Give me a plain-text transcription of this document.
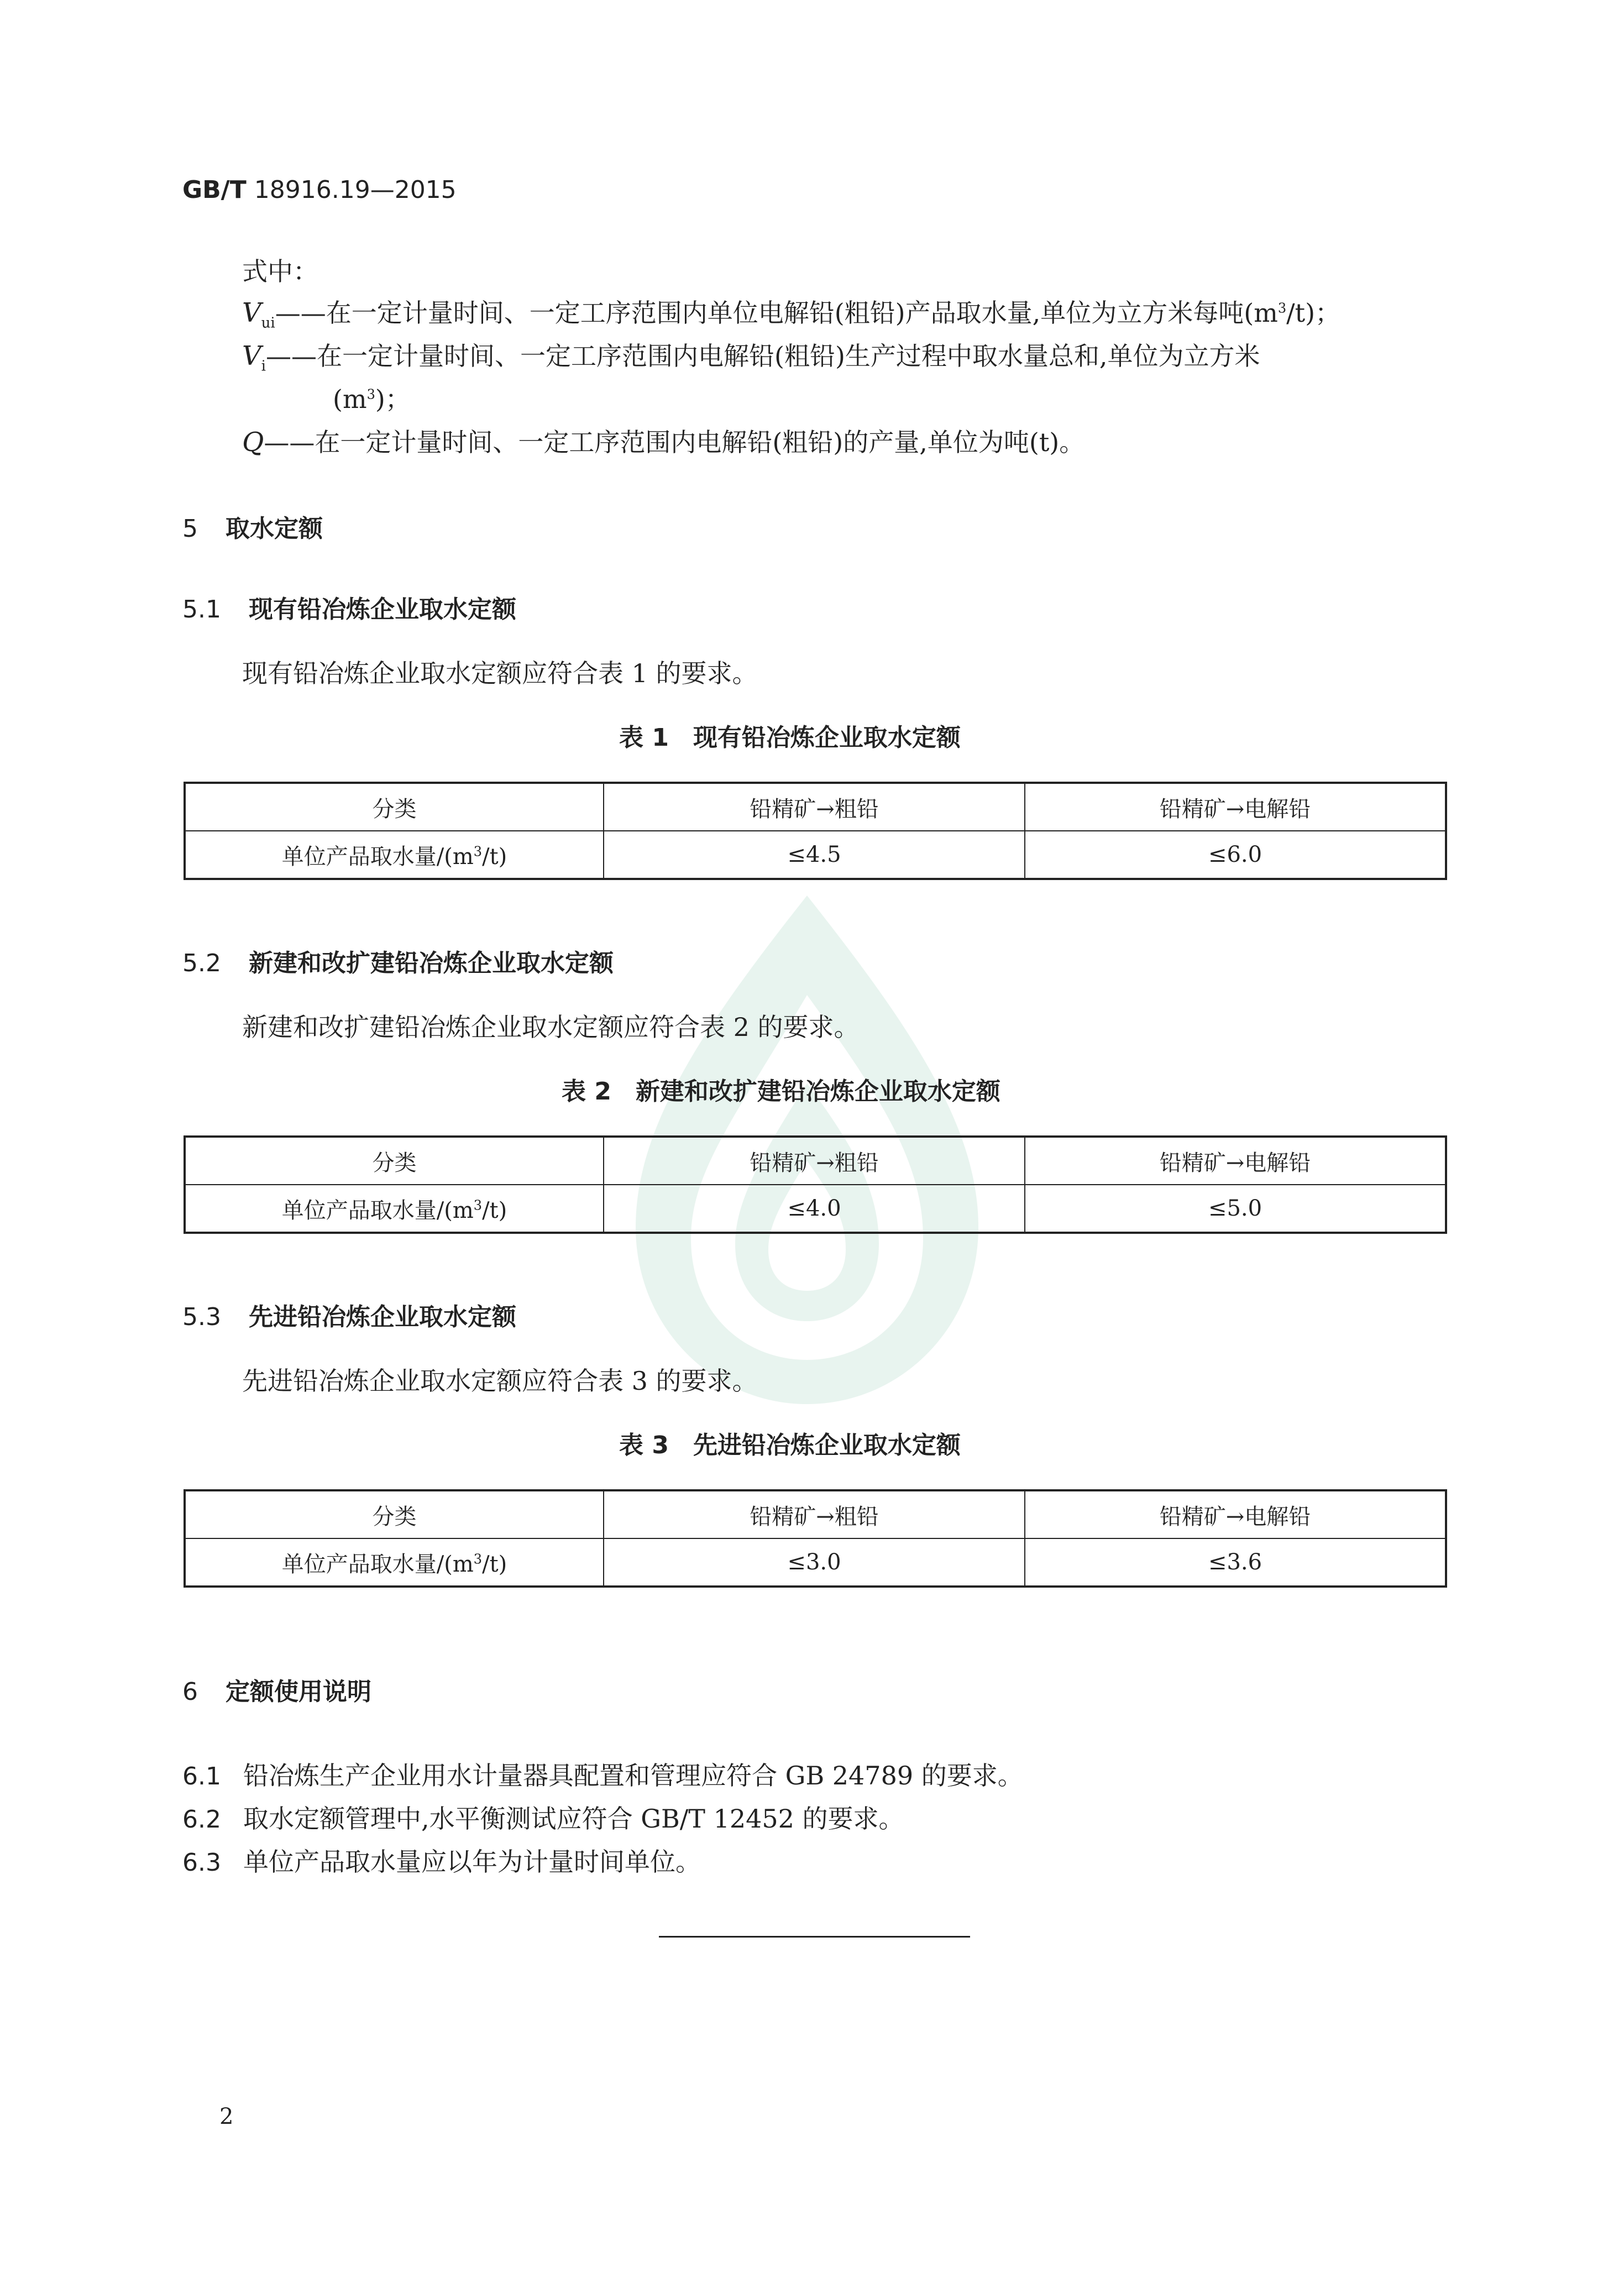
GB/T 18916.19—2015
式中：
$V_{ui}——$在一定计量时间、一定工序范围内单位电解铅(粗铅)产品取水量,单位为立方米每吨$(m^3/t)$；
$V_i——$在一定计量时间、一定工序范围内电解铅(粗铅)生产过程中取水量总和,单位为立方米
$(m^3)$；
Q——在一定计量时间、一定工序范围内电解铅(粗铅)的产量,单位为吨(t)。
5 取水定额
5.1 现有铅冶炼企业取水定额
现有铅冶炼企业取水定额应符合表 1 的要求。
表 1 现有铅冶炼企业取水定额
分类	铅精矿→粗铅	铅精矿→电解铅
单位产品取水量$/(m^3/t)$	≤4.5	≤6.0
5.2 新建和改扩建铅冶炼企业取水定额
新建和改扩建铅冶炼企业取水定额应符合表 2 的要求。
表 2 新建和改扩建铅冶炼企业取水定额
分类	铅精矿→粗铅	铅精矿→电解铅
单位产品取水量$/(m^3/t)$	≤4.0	≤5.0
5.3 先进铅冶炼企业取水定额
先进铅冶炼企业取水定额应符合表 3 的要求。
表 3 先进铅冶炼企业取水定额
分类	铅精矿→粗铅	铅精矿→电解铅
单位产品取水量$/(m^3/t)$	≤3.0	≤3.6
6 定额使用说明
6.1 铅冶炼生产企业用水计量器具配置和管理应符合 GB 24789 的要求。
6.2 取水定额管理中,水平衡测试应符合 GB/T 12452 的要求。
6.3 单位产品取水量应以年为计量时间单位。
2
